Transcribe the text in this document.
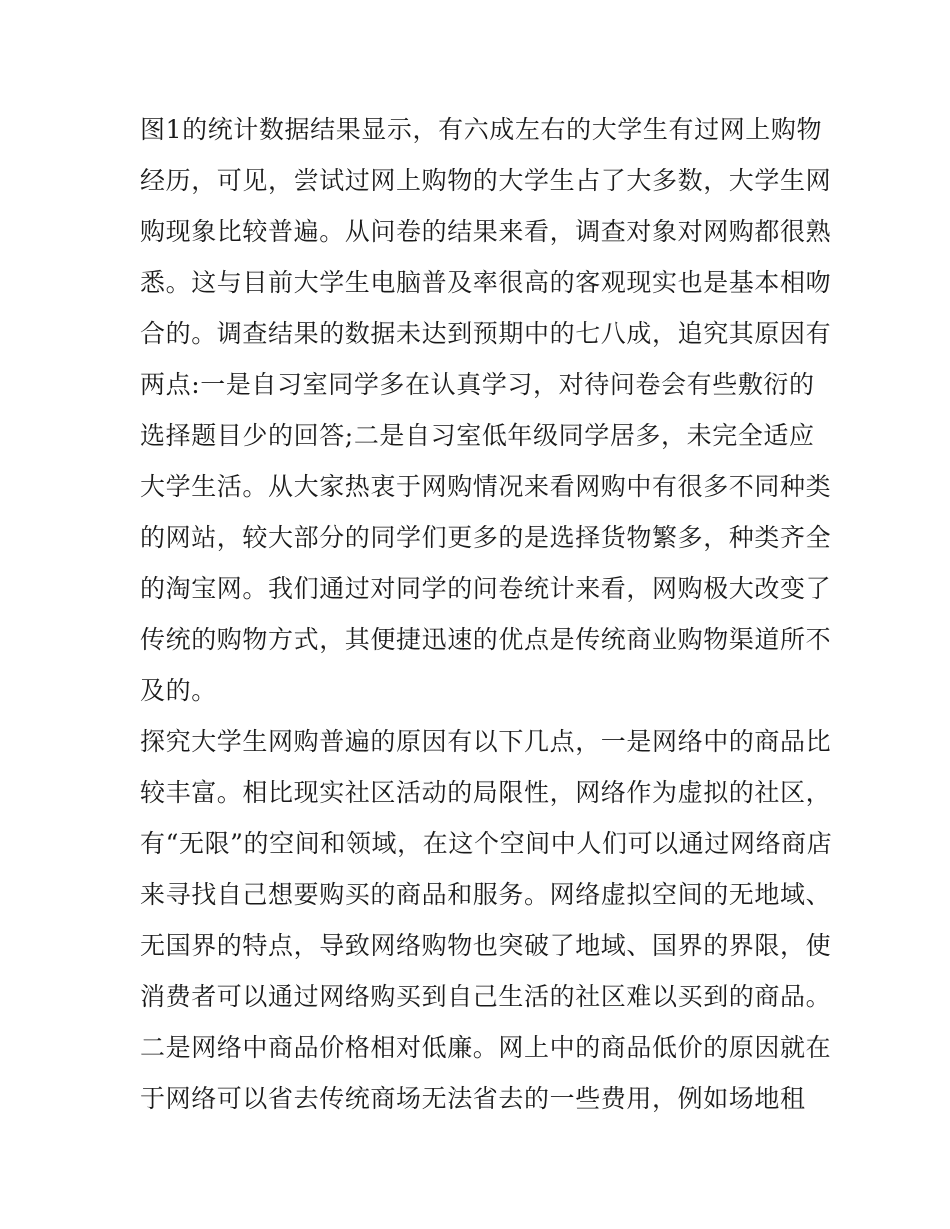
图1的统计数据结果显示，有六成左右的大学生有过网上购物
经历，可见，尝试过网上购物的大学生占了大多数，大学生网
购现象比较普遍。从问卷的结果来看，调查对象对网购都很熟
悉。这与目前大学生电脑普及率很高的客观现实也是基本相吻
合的。调查结果的数据未达到预期中的七八成，追究其原因有
两点:一是自习室同学多在认真学习，对待问卷会有些敷衍的
选择题目少的回答;二是自习室低年级同学居多，未完全适应
大学生活。从大家热衷于网购情况来看网购中有很多不同种类
的网站，较大部分的同学们更多的是选择货物繁多，种类齐全
的淘宝网。我们通过对同学的问卷统计来看，网购极大改变了
传统的购物方式，其便捷迅速的优点是传统商业购物渠道所不
及的。
探究大学生网购普遍的原因有以下几点，一是网络中的商品比
较丰富。相比现实社区活动的局限性，网络作为虚拟的社区，
有“无限”的空间和领域，在这个空间中人们可以通过网络商店
来寻找自己想要购买的商品和服务。网络虚拟空间的无地域、
无国界的特点，导致网络购物也突破了地域、国界的界限，使
消费者可以通过网络购买到自己生活的社区难以买到的商品。
二是网络中商品价格相对低廉。网上中的商品低价的原因就在
于网络可以省去传统商场无法省去的一些费用，例如场地租
